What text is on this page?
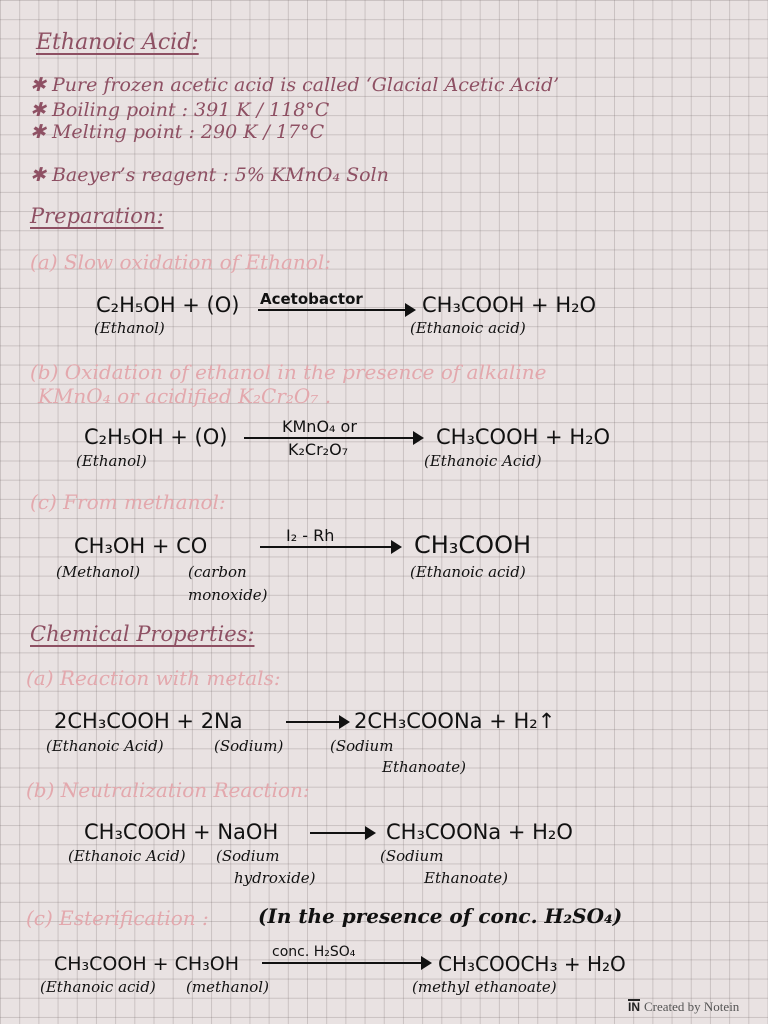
Ethanoic Acid:
✱ Pure frozen acetic acid is called ‘Glacial Acetic Acid’
✱ Boiling point : 391 K / 118°C
✱ Melting point : 290 K / 17°C
✱ Baeyer’s reagent : 5% KMnO₄ Soln
Preparation:
(a) Slow oxidation of Ethanol:
C₂H₅OH + (O) Acetobactor	CH₃COOH + H₂O
(Ethanol)	(Ethanoic acid)
(b) Oxidation of ethanol in the presence of alkaline
KMnO₄ or acidified K₂Cr₂O₇ .
C₂H₅OH + (O)	KMnO₄ or
K₂Cr₂O₇
CH₃COOH + H₂O
(Ethanol)	(Ethanoic Acid)
(c) From methanol:
CH₃OH + CO	I₂ - Rh	CH₃COOH
(Methanol)	(carbon
monoxide)
(Ethanoic acid)
Chemical Properties:
(a) Reaction with metals:
2CH₃COOH + 2Na	2CH₃COONa + H₂↑
(Ethanoic Acid)	(Sodium)	(Sodium
Ethanoate)
(b) Neutralization Reaction:
CH₃COOH + NaOH	CH₃COONa + H₂O
(Ethanoic Acid) (Sodium
hydroxide)
(Sodium
Ethanoate)
(c) Esterification : (In the presence of conc. H₂SO₄)
CH₃COOH + CH₃OH
conc. H₂SO₄	CH₃COOCH₃ + H₂O
(Ethanoic acid) (methanol)	(methyl ethanoate)
IN Created by Notein
